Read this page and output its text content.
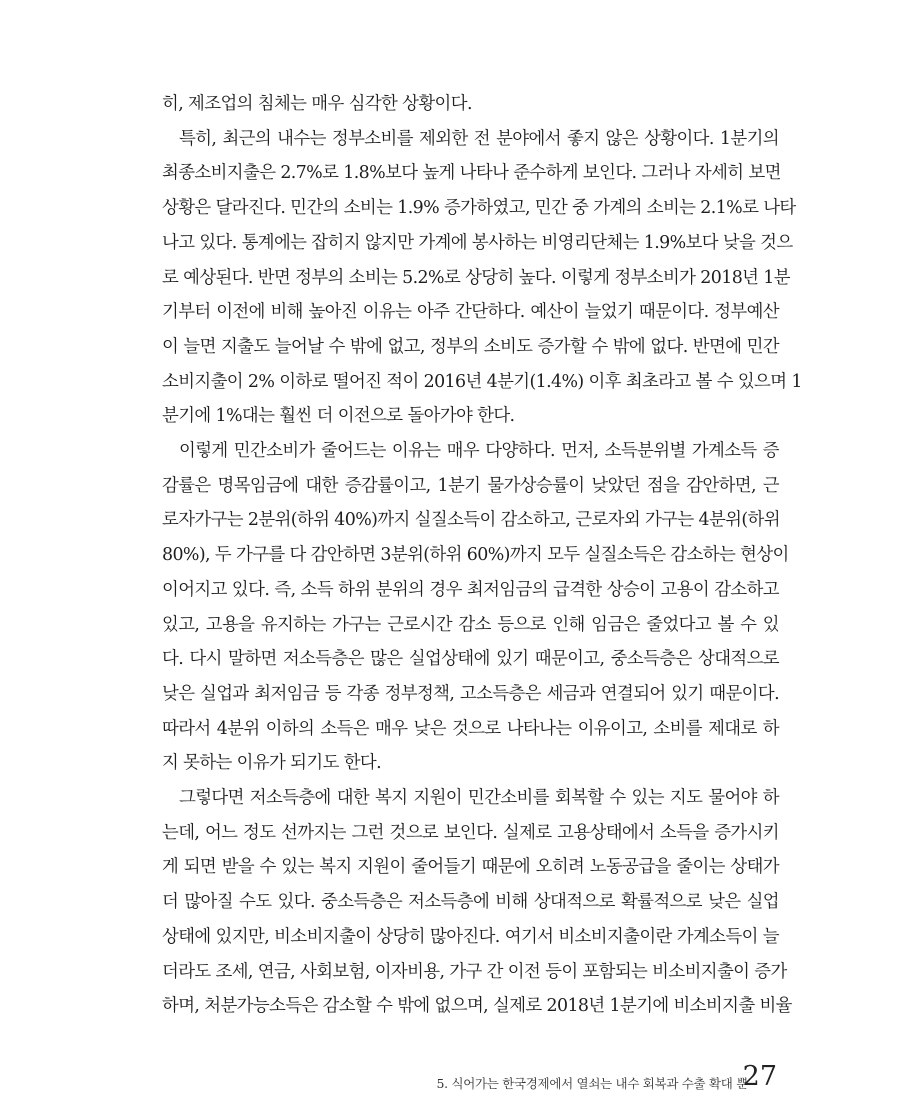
히, 제조업의 침체는 매우 심각한 상황이다.
특히, 최근의 내수는 정부소비를 제외한 전 분야에서 좋지 않은 상황이다. 1분기의
최종소비지출은 2.7%로 1.8%보다 높게 나타나 준수하게 보인다. 그러나 자세히 보면
상황은 달라진다. 민간의 소비는 1.9% 증가하였고, 민간 중 가계의 소비는 2.1%로 나타
나고 있다. 통계에는 잡히지 않지만 가계에 봉사하는 비영리단체는 1.9%보다 낮을 것으
로 예상된다. 반면 정부의 소비는 5.2%로 상당히 높다. 이렇게 정부소비가 2018년 1분
기부터 이전에 비해 높아진 이유는 아주 간단하다. 예산이 늘었기 때문이다. 정부예산
이 늘면 지출도 늘어날 수 밖에 없고, 정부의 소비도 증가할 수 밖에 없다. 반면에 민간
소비지출이 2% 이하로 떨어진 적이 2016년 4분기(1.4%) 이후 최초라고 볼 수 있으며 1
분기에 1%대는 훨씬 더 이전으로 돌아가야 한다.
이렇게 민간소비가 줄어드는 이유는 매우 다양하다. 먼저, 소득분위별 가계소득 증
감률은 명목임금에 대한 증감률이고, 1분기 물가상승률이 낮았던 점을 감안하면, 근
로자가구는 2분위(하위 40%)까지 실질소득이 감소하고, 근로자외 가구는 4분위(하위
80%), 두 가구를 다 감안하면 3분위(하위 60%)까지 모두 실질소득은 감소하는 현상이
이어지고 있다. 즉, 소득 하위 분위의 경우 최저임금의 급격한 상승이 고용이 감소하고
있고, 고용을 유지하는 가구는 근로시간 감소 등으로 인해 임금은 줄었다고 볼 수 있
다. 다시 말하면 저소득층은 많은 실업상태에 있기 때문이고, 중소득층은 상대적으로
낮은 실업과 최저임금 등 각종 정부정책, 고소득층은 세금과 연결되어 있기 때문이다.
따라서 4분위 이하의 소득은 매우 낮은 것으로 나타나는 이유이고, 소비를 제대로 하
지 못하는 이유가 되기도 한다.
그렇다면 저소득층에 대한 복지 지원이 민간소비를 회복할 수 있는 지도 물어야 하
는데, 어느 정도 선까지는 그런 것으로 보인다. 실제로 고용상태에서 소득을 증가시키
게 되면 받을 수 있는 복지 지원이 줄어들기 때문에 오히려 노동공급을 줄이는 상태가
더 많아질 수도 있다. 중소득층은 저소득층에 비해 상대적으로 확률적으로 낮은 실업
상태에 있지만, 비소비지출이 상당히 많아진다. 여기서 비소비지출이란 가계소득이 늘
더라도 조세, 연금, 사회보험, 이자비용, 가구 간 이전 등이 포함되는 비소비지출이 증가
5. 식어가는 한국경제에서 열쇠는 내수 회복과 수출 확대 뿐
27
하며, 처분가능소득은 감소할 수 밖에 없으며, 실제로 2018년 1분기에 비소비지출 비율
